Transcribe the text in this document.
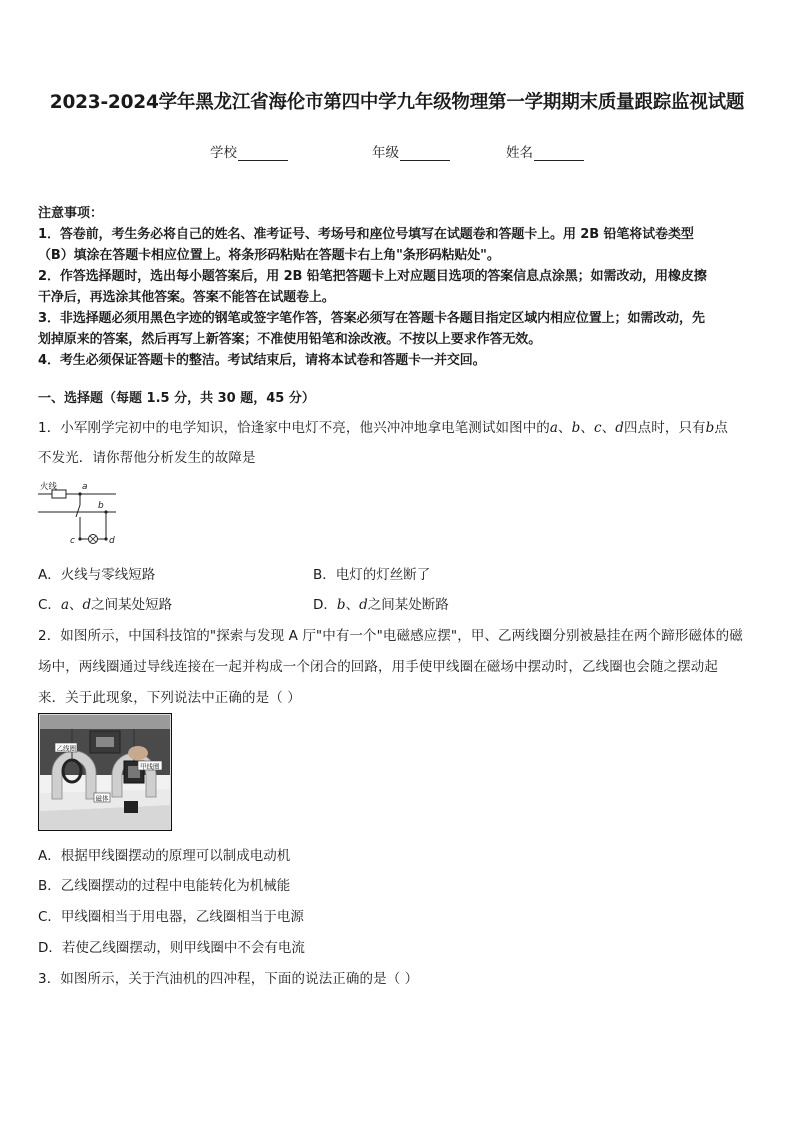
2023-2024学年黑龙江省海伦市第四中学九年级物理第一学期期末质量跟踪监视试题
学校	年级	姓名
注意事项：
1．答卷前，考生务必将自己的姓名、准考证号、考场号和座位号填写在试题卷和答题卡上。用 2B 铅笔将试卷类型
（B）填涂在答题卡相应位置上。将条形码粘贴在答题卡右上角"条形码粘贴处"。
2．作答选择题时，选出每小题答案后，用 2B 铅笔把答题卡上对应题目选项的答案信息点涂黑；如需改动，用橡皮擦
干净后，再选涂其他答案。答案不能答在试题卷上。
3．非选择题必须用黑色字迹的钢笔或签字笔作答，答案必须写在答题卡各题目指定区域内相应位置上；如需改动，先
划掉原来的答案，然后再写上新答案；不准使用铅笔和涂改液。不按以上要求作答无效。
4．考生必须保证答题卡的整洁。考试结束后，请将本试卷和答题卡一并交回。
一、选择题（每题 1.5 分，共 30 题，45 分）
1．小军刚学完初中的电学知识，恰逢家中电灯不亮，他兴冲冲地拿电笔测试如图中的a、b、c、d四点时，只有b点
不发光．请你帮他分析发生的故障是
火线	a
b
c	d
A．火线与零线短路	B．电灯的灯丝断了
C．a、d之间某处短路	D．b、d之间某处断路
2．如图所示，中国科技馆的"探索与发现 A 厅"中有一个"电磁感应摆"，甲、乙两线圈分别被悬挂在两个蹄形磁体的磁
场中，两线圈通过导线连接在一起并构成一个闭合的回路，用手使甲线圈在磁场中摆动时，乙线圈也会随之摆动起
来．关于此现象，下列说法中正确的是（ ）
乙线圈
甲线圈
磁体
A．根据甲线圈摆动的原理可以制成电动机
B．乙线圈摆动的过程中电能转化为机械能
C．甲线圈相当于用电器，乙线圈相当于电源
D．若使乙线圈摆动，则甲线圈中不会有电流
3．如图所示，关于汽油机的四冲程，下面的说法正确的是（ ）
